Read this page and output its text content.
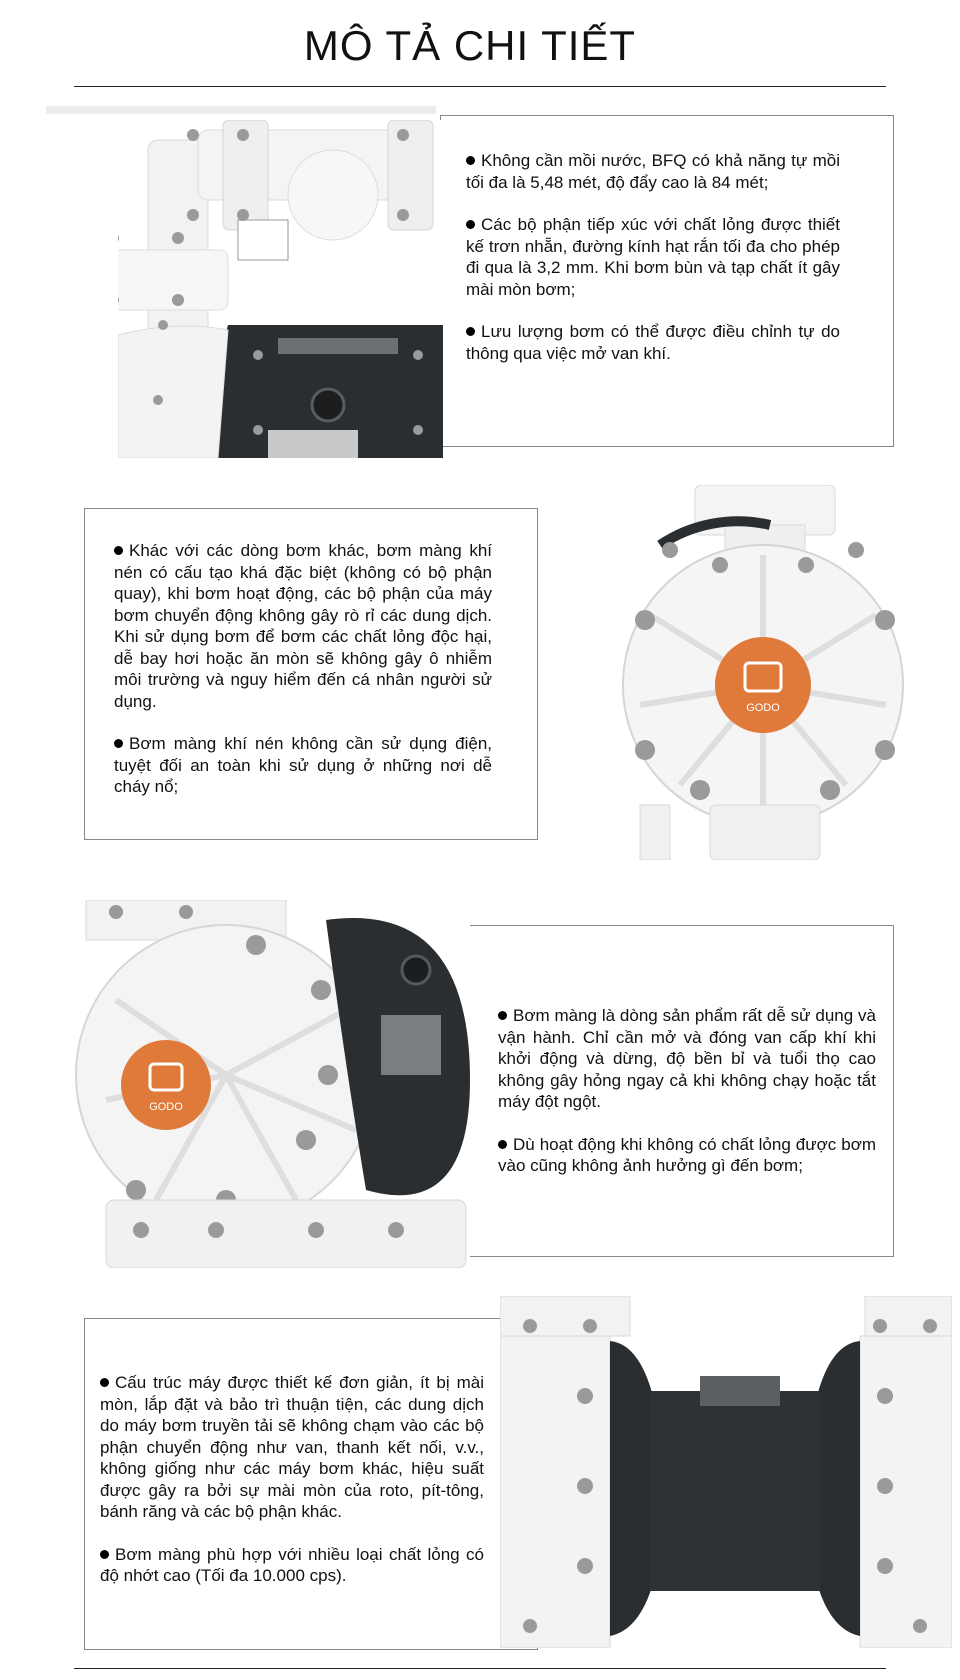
MÔ TẢ CHI TIẾT

Không cần mồi nước, BFQ có khả năng tự mồi tối đa là 5,48 mét, độ đẩy cao là 84 mét;

Các bộ phận tiếp xúc với chất lỏng được thiết kế trơn nhẵn, đường kính hạt rắn tối đa cho phép đi qua là 3,2 mm. Khi bơm bùn và tạp chất ít gây mài mòn bơm;

Lưu lượng bơm có thể được điều chỉnh tự do thông qua việc mở van khí.

GODO

Khác với các dòng bơm khác, bơm màng khí nén có cấu tạo khá đặc biệt (không có bộ phận quay), khi bơm hoạt động, các bộ phận của máy bơm chuyển động không gây rò rỉ các dung dịch. Khi sử dụng bơm để bơm các chất lỏng độc hại, dễ bay hơi hoặc ăn mòn sẽ không gây ô nhiễm môi trường và nguy hiểm đến cá nhân người sử dụng.

Bơm màng khí nén không cần sử dụng điện, tuyệt đối an toàn khi sử dụng ở những nơi dễ cháy nổ;

GODO

Bơm màng là dòng sản phẩm rất dễ sử dụng và vận hành. Chỉ cần mở và đóng van cấp khí khi khởi động và dừng, độ bền bỉ và tuổi thọ cao không gây hỏng ngay cả khi không chạy hoặc tắt máy đột ngột.

Dù hoạt động khi không có chất lỏng được bơm vào cũng không ảnh hưởng gì đến bơm;

Cấu trúc máy được thiết kế đơn giản, ít bị mài mòn, lắp đặt và bảo trì thuận tiện, các dung dịch do máy bơm truyền tải sẽ không chạm vào các bộ phận chuyển động như van, thanh kết nối, v.v., không giống như các máy bơm khác, hiệu suất được gây ra bởi sự mài mòn của roto, pít-tông, bánh răng và các bộ phận khác.

Bơm màng phù hợp với nhiều loại chất lỏng có độ nhớt cao (Tối đa 10.000 cps).
